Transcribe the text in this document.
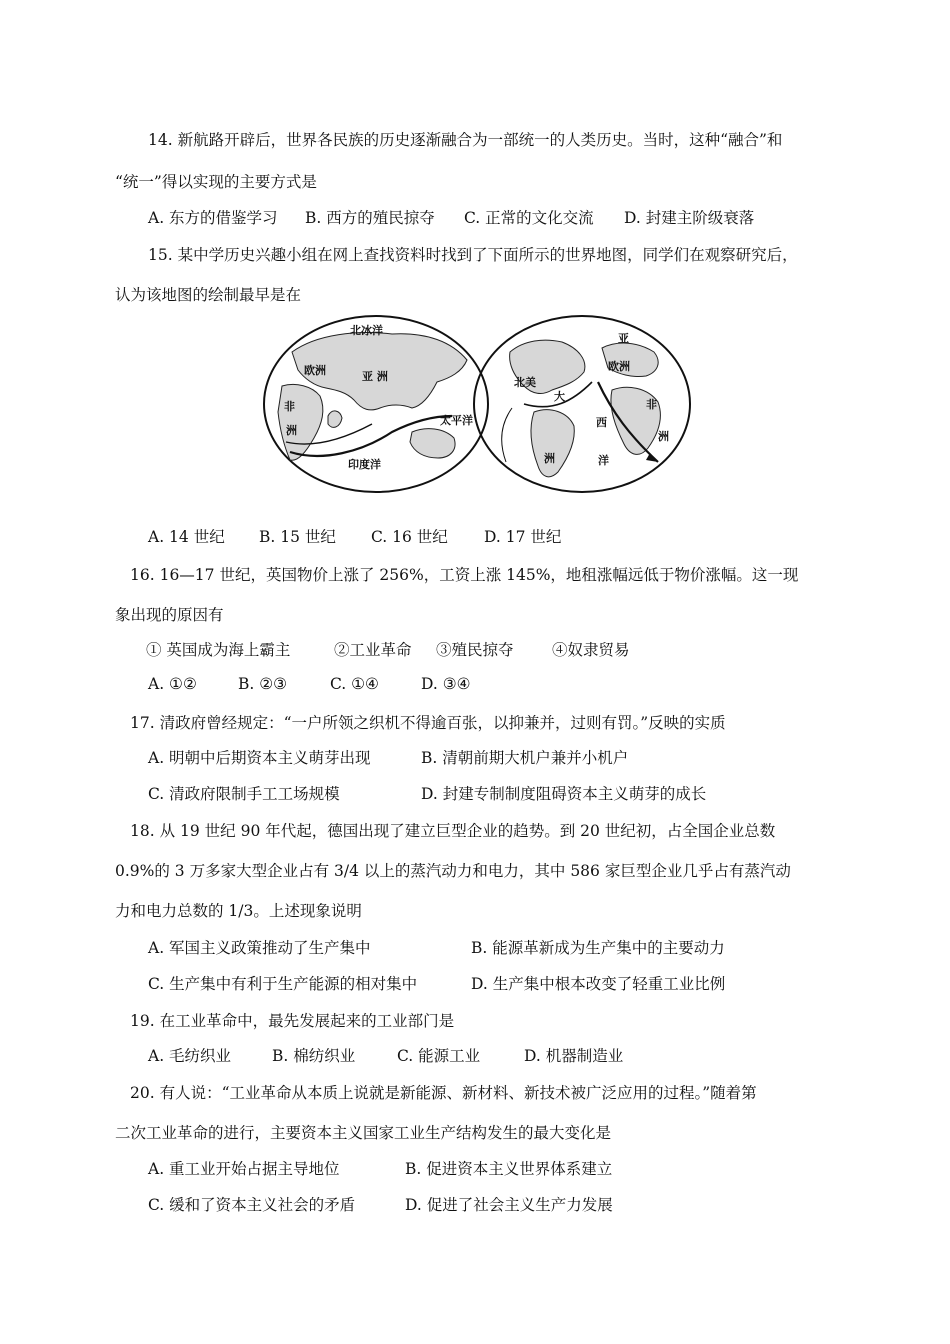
14. 新航路开辟后，世界各民族的历史逐渐融合为一部统一的人类历史。当时，这种“融合”和
“统一”得以实现的主要方式是
A. 东方的借鉴学习 B. 西方的殖民掠夺 C. 正常的文化交流 D. 封建主阶级衰落
15. 某中学历史兴趣小组在网上查找资料时找到了下面所示的世界地图，同学们在观察研究后，
认为该地图的绘制最早是在
北冰洋
欧洲	亚 洲
非
洲
印度洋
太平洋
北美
大
亚
欧洲
非
洲
洲
西
洋
A. 14 世纪 B. 15 世纪 C. 16 世纪 D. 17 世纪
16. 16—17 世纪，英国物价上涨了 256%，工资上涨 145%，地租涨幅远低于物价涨幅。这一现
象出现的原因有
① 英国成为海上霸主	②工业革命 ③殖民掠夺 ④奴隶贸易
A. ①②	B. ②③	C. ①④	D. ③④
17. 清政府曾经规定：“一户所领之织机不得逾百张，以抑兼并，过则有罚。”反映的实质
A. 明朝中后期资本主义萌芽出现	B. 清朝前期大机户兼并小机户
C. 清政府限制手工工场规模	D. 封建专制制度阻碍资本主义萌芽的成长
18. 从 19 世纪 90 年代起，德国出现了建立巨型企业的趋势。到 20 世纪初，占全国企业总数
0.9%的 3 万多家大型企业占有 3/4 以上的蒸汽动力和电力，其中 586 家巨型企业几乎占有蒸汽动
力和电力总数的 1/3。上述现象说明
A. 军国主义政策推动了生产集中	B. 能源革新成为生产集中的主要动力
C. 生产集中有利于生产能源的相对集中	D. 生产集中根本改变了轻重工业比例
19. 在工业革命中，最先发展起来的工业部门是
A. 毛纺织业	B. 棉纺织业	C. 能源工业	D. 机器制造业
20. 有人说：“工业革命从本质上说就是新能源、新材料、新技术被广泛应用的过程。”随着第
二次工业革命的进行，主要资本主义国家工业生产结构发生的最大变化是
A. 重工业开始占据主导地位	B. 促进资本主义世界体系建立
C. 缓和了资本主义社会的矛盾	D. 促进了社会主义生产力发展
